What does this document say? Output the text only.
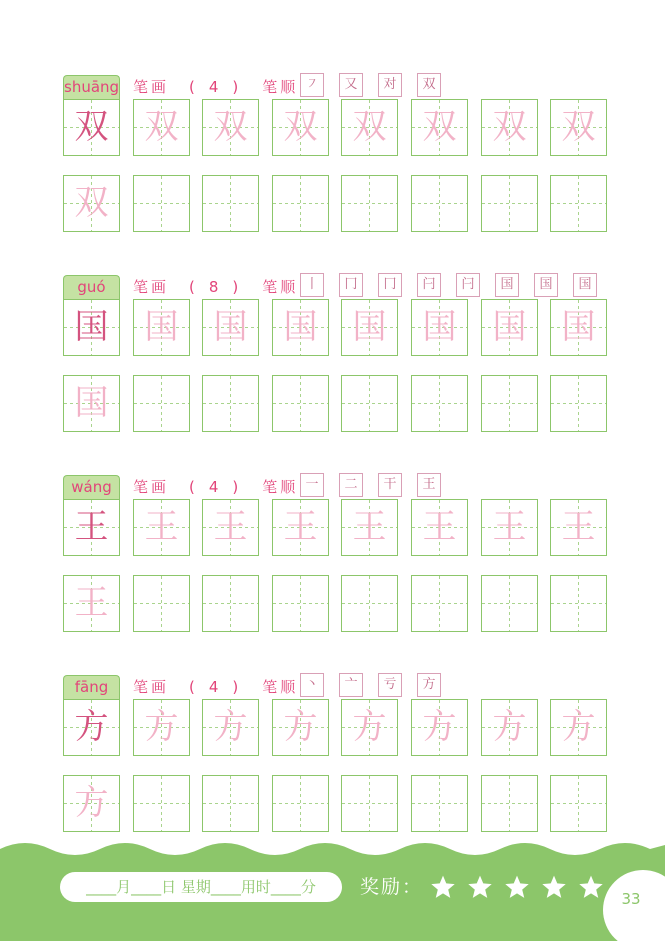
shuāng 笔画 ( 4 ) 笔顺 ㇇ 又 对 双
双	双	双	双	双	双	双	双
双
guó	笔画 ( 8 ) 笔顺 丨 冂 冂 闩 闩 国 国 国
国	国	国	国	国	国	国	国
国
wáng	笔画 ( 4 ) 笔顺 一 二 干 王
王	王	王	王	王	王	王	王
王
fāng	笔画 ( 4 ) 笔顺 丶 亠 亏 方
方	方	方	方	方	方	方	方
方
33
____月____日 星期____用时____分	奖励：
